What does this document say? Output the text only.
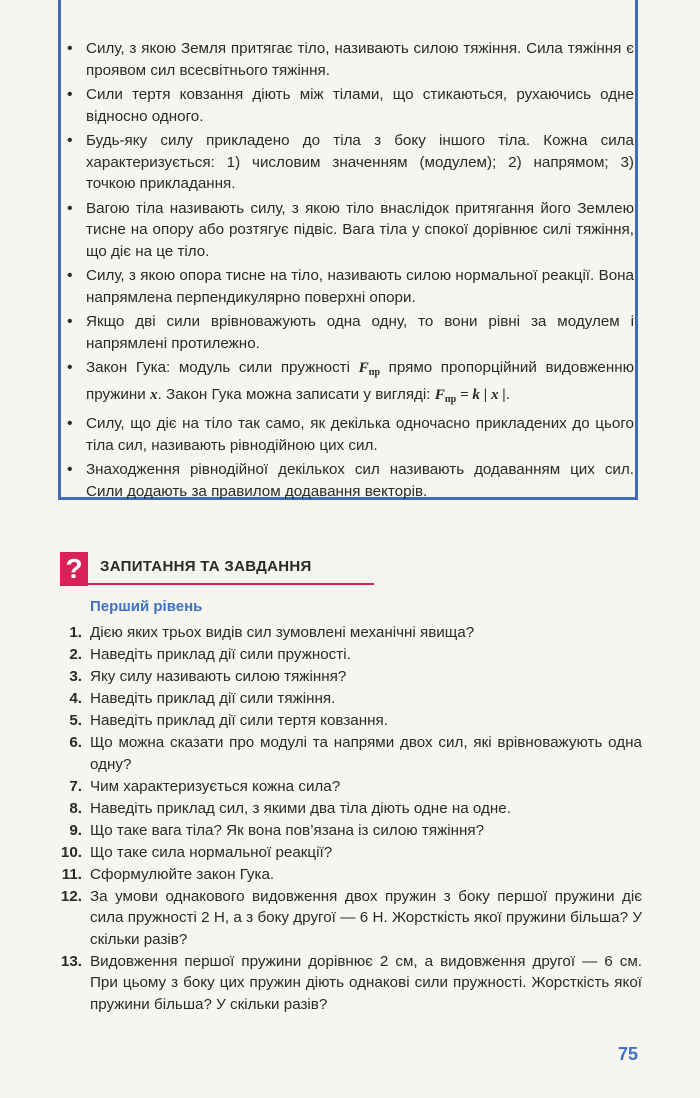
• Силу, з якою Земля притягає тіло, називають силою тяжіння. Сила тяжіння є проявом сил всесвітнього тяжіння.
• Сили тертя ковзання діють між тілами, що стикаються, рухаючись одне відносно одного.
• Будь-яку силу прикладено до тіла з боку іншого тіла. Кожна сила характеризується: 1) числовим значенням (модулем); 2) напрямом; 3) точкою прикладання.
• Вагою тіла називають силу, з якою тіло внаслідок притягання його Землею тисне на опору або розтягує підвіс. Вага тіла у спокої дорівнює силі тяжіння, що діє на це тіло.
• Силу, з якою опора тисне на тіло, називають силою нормальної реакції. Вона напрямлена перпендикулярно поверхні опори.
• Якщо дві сили врівноважують одна одну, то вони рівні за модулем і напрямлені протилежно.
• Закон Гука: модуль сили пружності $F_{пр}$ прямо пропорційний видовженню пружини x. Закон Гука можна записати у вигляді: $F_{пр} = k$ | x |.
• Силу, що діє на тіло так само, як декілька одночасно прикладених до цього тіла сил, називають рівнодійною цих сил.
• Знаходження рівнодійної декількох сил називають додаванням цих сил. Сили додають за правилом додавання векторів.
?	ЗАПИТАННЯ ТА ЗАВДАННЯ
Перший рівень
1. Дією яких трьох видів сил зумовлені механічні явища?
2. Наведіть приклад дії сили пружності.
3. Яку силу називають силою тяжіння?
4. Наведіть приклад дії сили тяжіння.
5. Наведіть приклад дії сили тертя ковзання.
6. Що можна сказати про модулі та напрями двох сил, які врівноважують одна одну?
7. Чим характеризується кожна сила?
8. Наведіть приклад сил, з якими два тіла діють одне на одне.
9. Що таке вага тіла? Як вона пов’язана із силою тяжіння?
10. Що таке сила нормальної реакції?
11. Сформулюйте закон Гука.
12. За умови однакового видовження двох пружин з боку першої пружини діє сила пружності 2 Н, а з боку другої — 6 Н. Жорсткість якої пружини більша? У скільки разів?
13. Видовження першої пружини дорівнює 2 см, а видовження другої — 6 см. При цьому з боку цих пружин діють однакові сили пружності. Жорсткість якої пружини більша? У скільки разів?
75
